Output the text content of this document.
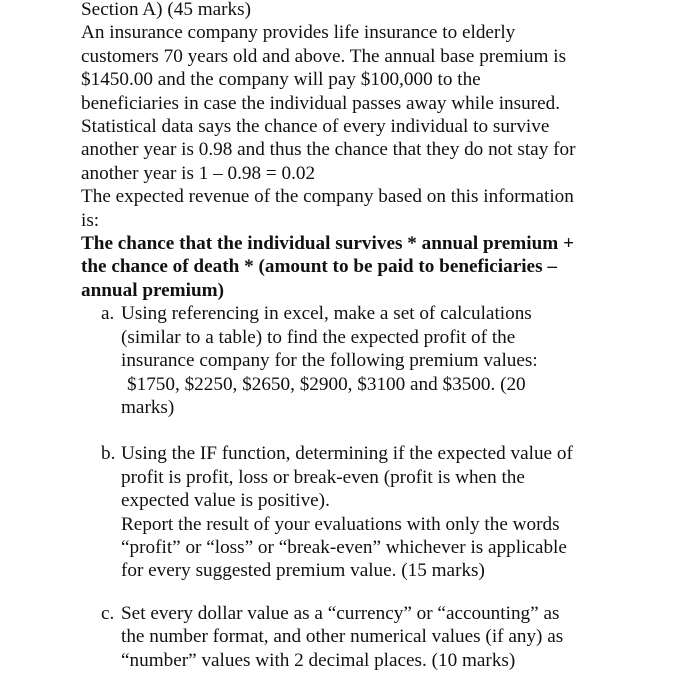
Section A) (45 marks)
An insurance company provides life insurance to elderly
customers 70 years old and above. The annual base premium is
$1450.00 and the company will pay $100,000 to the
beneficiaries in case the individual passes away while insured.
Statistical data says the chance of every individual to survive
another year is 0.98 and thus the chance that they do not stay for
another year is 1 – 0.98 = 0.02
The expected revenue of the company based on this information
is:
The chance that the individual survives * annual premium +
the chance of death * (amount to be paid to beneficiaries –
annual premium)
a. Using referencing in excel, make a set of calculations
(similar to a table) to find the expected profit of the
insurance company for the following premium values:
$1750, $2250, $2650, $2900, $3100 and $3500. (20
marks)
b. Using the IF function, determining if the expected value of
profit is profit, loss or break-even (profit is when the
expected value is positive).
Report the result of your evaluations with only the words
“profit” or “loss” or “break-even” whichever is applicable
for every suggested premium value. (15 marks)
c. Set every dollar value as a “currency” or “accounting” as
the number format, and other numerical values (if any) as
“number” values with 2 decimal places. (10 marks)
